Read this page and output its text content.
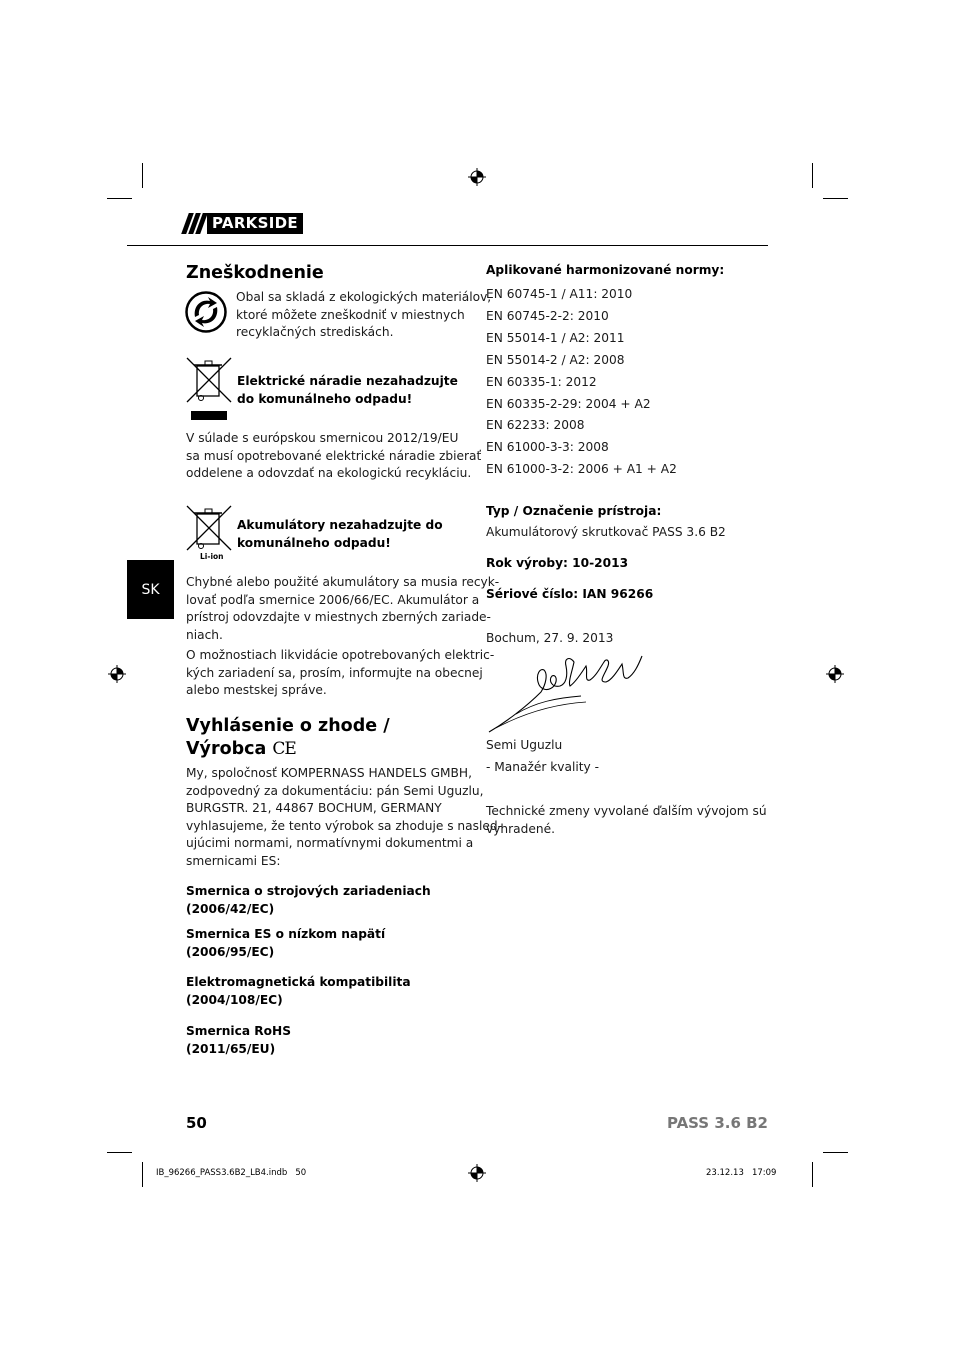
PARKSIDE
SK
Zneškodnenie
Obal sa skladá z ekologických materiálov,
ktoré môžete zneškodniť v miestnych
recyklačných strediskách.
Elektrické náradie nezahadzujte
do komunálneho odpadu!
V súlade s európskou smernicou 2012/19/EU
sa musí opotrebované elektrické náradie zbierať
oddelene a odovzdať na ekologickú recykláciu.
Li-ion
Akumulátory nezahadzujte do
komunálneho odpadu!
Chybné alebo použité akumulátory sa musia recyk-
lovať podľa smernice 2006/66/EC. Akumulátor a
prístroj odovzdajte v miestnych zberných zariade-
niach.
O možnostiach likvidácie opotrebovaných elektric-
kých zariadení sa, prosím, informujte na obecnej
alebo mestskej správe.
Vyhlásenie o zhode /
Výrobca CE
My, spoločnosť KOMPERNASS HANDELS GMBH,
zodpovedný za dokumentáciu: pán Semi Uguzlu,
BURGSTR. 21, 44867 BOCHUM, GERMANY
vyhlasujeme, že tento výrobok sa zhoduje s nasled-
ujúcimi normami, normatívnymi dokumentmi a
smernicami ES:
Smernica o strojových zariadeniach
(2006/42/EC)
Smernica ES o nízkom napätí
(2006/95/EC)
Elektromagnetická kompatibilita
(2004/108/EC)
Smernica RoHS
(2011/65/EU)
Aplikované harmonizované normy:
EN 60745-1 / A11: 2010
EN 60745-2-2: 2010
EN 55014-1 / A2: 2011
EN 55014-2 / A2: 2008
EN 60335-1: 2012
EN 60335-2-29: 2004 + A2
EN 62233: 2008
EN 61000-3-3: 2008
EN 61000-3-2: 2006 + A1 + A2
Typ / Označenie prístroja:
Akumulátorový skrutkovač PASS 3.6 B2
Rok výroby: 10-2013
Sériové číslo: IAN 96266
Bochum, 27. 9. 2013
Semi Uguzlu
- Manažér kvality -
Technické zmeny vyvolané ďalším vývojom sú
vyhradené.
50	PASS 3.6 B2
IB_96266_PASS3.6B2_LB4.indb   50	23.12.13   17:09
